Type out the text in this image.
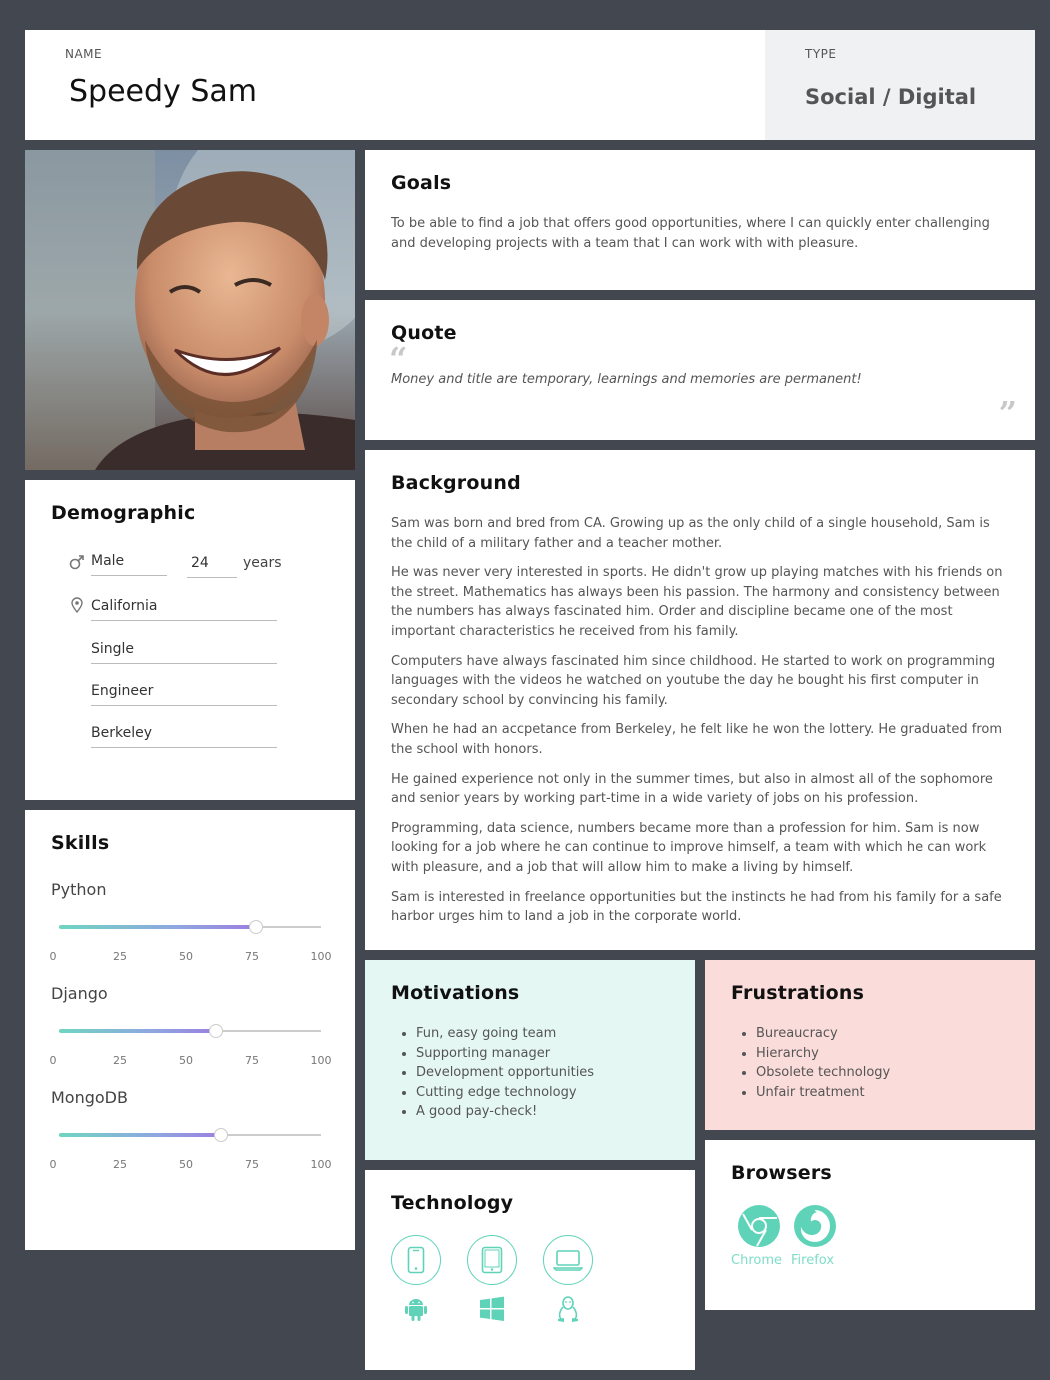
NAME
Speedy Sam
TYPE
Social / Digital
Demographic
Male	24	years
California
Single
Engineer
Berkeley
Skills
Python
0	25	50	75	100
Django
0	25	50	75	100
MongoDB
0	25	50	75	100
Goals
To be able to find a job that offers good opportunities, where I can quickly enter challenging and developing projects with a team that I can work with with pleasure.
Quote
“
Money and title are temporary, learnings and memories are permanent!
”
Background
Sam was born and bred from CA. Growing up as the only child of a single household, Sam is the child of a military father and a teacher mother.
He was never very interested in sports. He didn't grow up playing matches with his friends on the street. Mathematics has always been his passion. The harmony and consistency between the numbers has always fascinated him. Order and discipline became one of the most important characteristics he received from his family.
Computers have always fascinated him since childhood. He started to work on programming languages with the videos he watched on youtube the day he bought his first computer in secondary school by convincing his family.
When he had an accpetance from Berkeley, he felt like he won the lottery. He graduated from the school with honors.
He gained experience not only in the summer times, but also in almost all of the sophomore and senior years by working part-time in a wide variety of jobs on his profession.
Programming, data science, numbers became more than a profession for him. Sam is now looking for a job where he can continue to improve himself, a team with which he can work with pleasure, and a job that will allow him to make a living by himself.
Sam is interested in freelance opportunities but the instincts he had from his family for a safe harbor urges him to land a job in the corporate world.
Motivations
• Fun, easy going team
• Supporting manager
• Development opportunities
• Cutting edge technology
• A good pay-check!
Frustrations
• Bureaucracy
• Hierarchy
• Obsolete technology
• Unfair treatment
Technology
Browsers
Chrome Firefox
